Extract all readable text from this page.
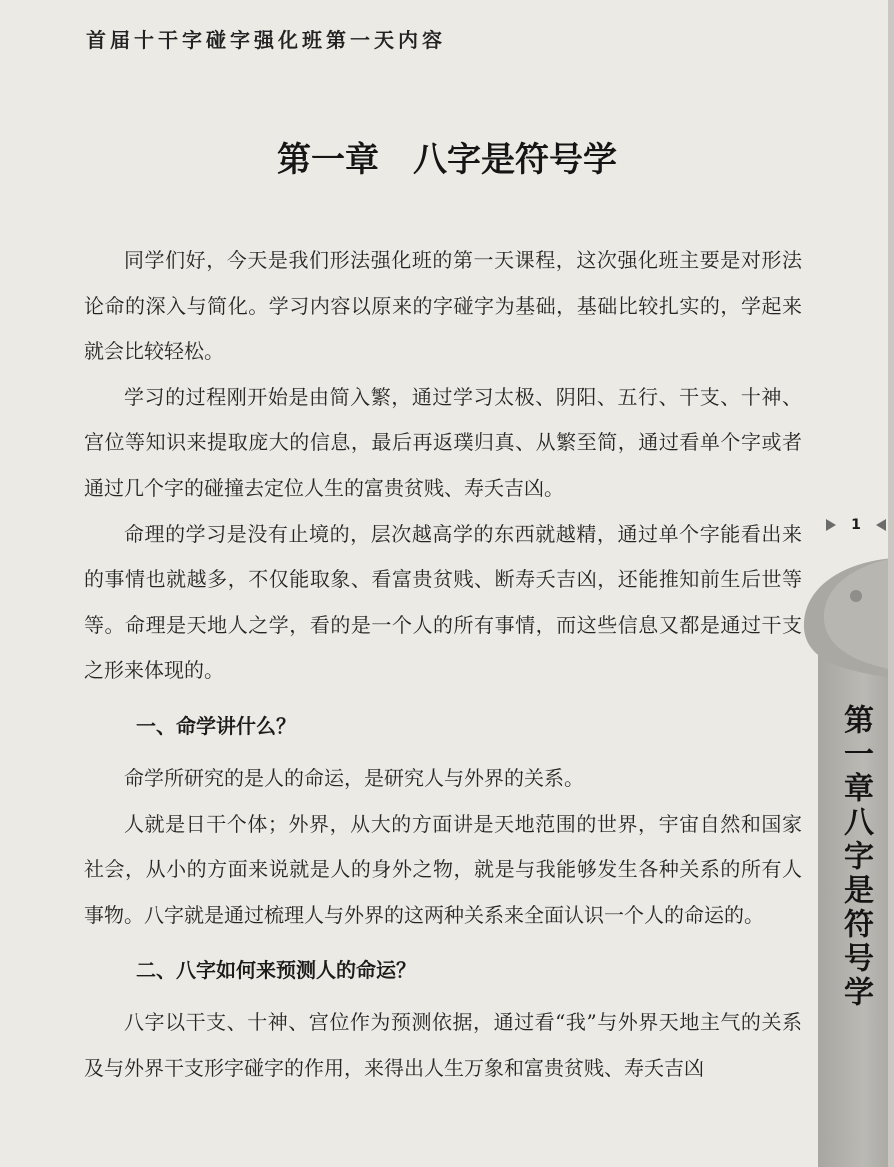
首届十干字碰字强化班第一天内容
第一章　八字是符号学

同学们好，今天是我们形法强化班的第一天课程，这次强化班主要是对形法论命的深入与简化。学习内容以原来的字碰字为基础，基础比较扎实的，学起来就会比较轻松。

学习的过程刚开始是由简入繁，通过学习太极、阴阳、五行、干支、十神、宫位等知识来提取庞大的信息，最后再返璞归真、从繁至简，通过看单个字或者通过几个字的碰撞去定位人生的富贵贫贱、寿夭吉凶。

命理的学习是没有止境的，层次越高学的东西就越精，通过单个字能看出来的事情也就越多，不仅能取象、看富贵贫贱、断寿夭吉凶，还能推知前生后世等等。命理是天地人之学，看的是一个人的所有事情，而这些信息又都是通过干支之形来体现的。

一、命学讲什么？

命学所研究的是人的命运，是研究人与外界的关系。

人就是日干个体；外界，从大的方面讲是天地范围的世界，宇宙自然和国家社会，从小的方面来说就是人的身外之物，就是与我能够发生各种关系的所有人事物。八字就是通过梳理人与外界的这两种关系来全面认识一个人的命运的。

二、八字如何来预测人的命运？

八字以干支、十神、宫位作为预测依据，通过看“我”与外界天地主气的关系及与外界干支形字碰字的作用，来得出人生万象和富贵贫贱、寿夭吉凶

1
第一章八字是符号学
